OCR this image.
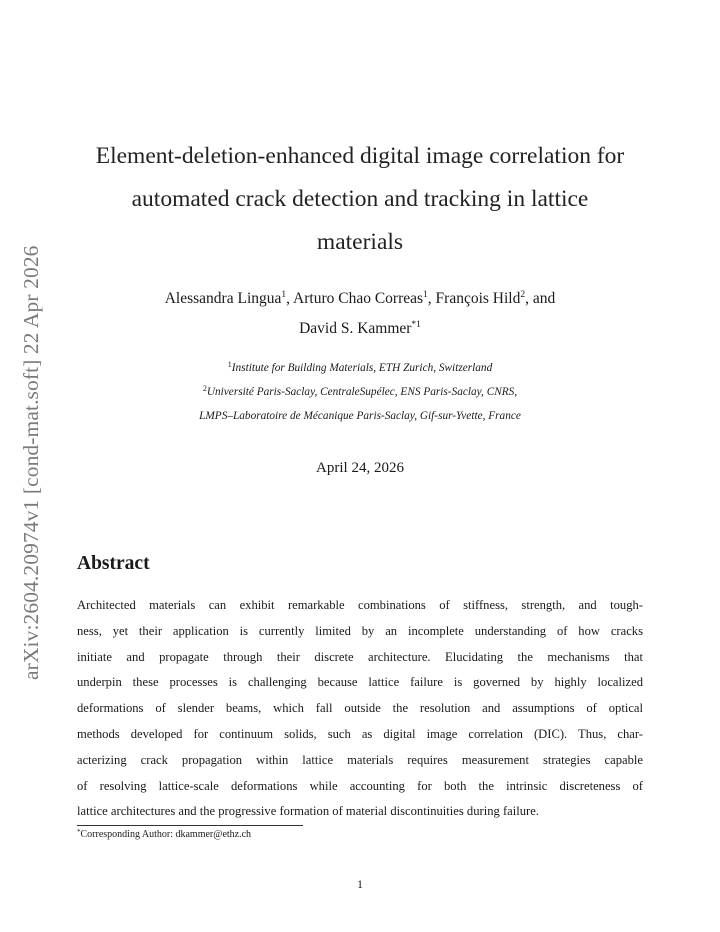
arXiv:2604.20974v1 [cond-mat.soft] 22 Apr 2026
Element-deletion-enhanced digital image correlation for
automated crack detection and tracking in lattice
materials
Alessandra Lingua$^1$, Arturo Chao Correas$^1$, François Hild$^2$, and
David S. Kammer$^{*1}$
$^1$Institute for Building Materials, ETH Zurich, Switzerland
$^2$Université Paris-Saclay, CentraleSupélec, ENS Paris-Saclay, CNRS,
LMPS–Laboratoire de Mécanique Paris-Saclay, Gif-sur-Yvette, France
April 24, 2026
Abstract
Architected materials can exhibit remarkable combinations of stiffness, strength, and tough-
ness, yet their application is currently limited by an incomplete understanding of how cracks
initiate and propagate through their discrete architecture. Elucidating the mechanisms that
underpin these processes is challenging because lattice failure is governed by highly localized
deformations of slender beams, which fall outside the resolution and assumptions of optical
methods developed for continuum solids, such as digital image correlation (DIC). Thus, char-
acterizing crack propagation within lattice materials requires measurement strategies capable
of resolving lattice-scale deformations while accounting for both the intrinsic discreteness of
lattice architectures and the progressive formation of material discontinuities during failure.
*Corresponding Author: dkammer@ethz.ch
1
